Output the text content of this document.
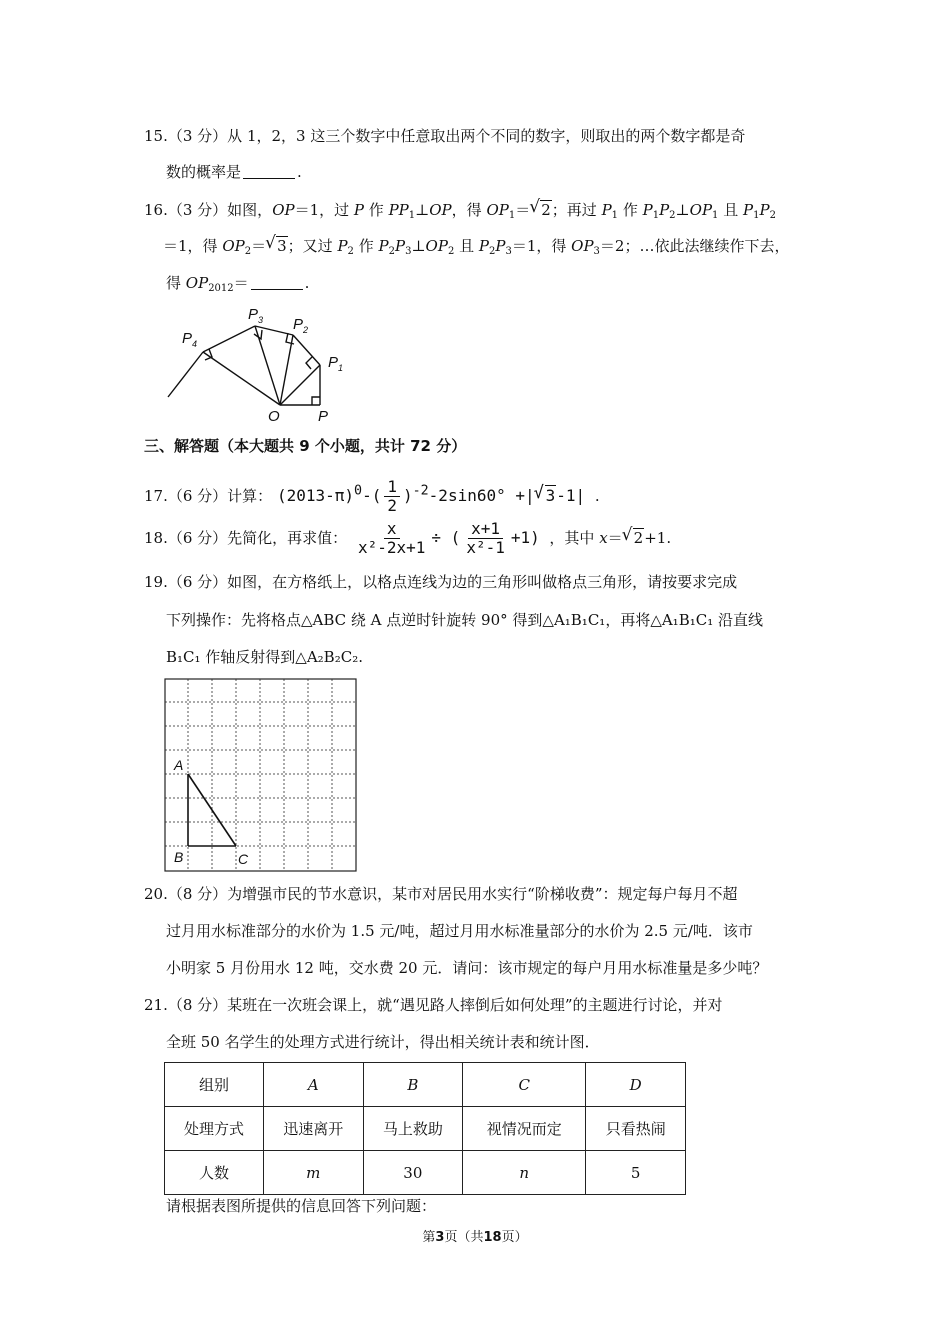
15.（3 分）从 1，2，3 这三个数字中任意取出两个不同的数字，则取出的两个数字都是奇
数的概率是	.
16.（3 分）如图，OP＝1，过 P 作 $PP_1\perp OP$，得 $OP_1=$ √ 2；再过 $P_1$ 作 $P_1P_2\perp OP_1$ 且 $P_1P_2$
＝1，得 $OP_2=$ √ 3；又过 $P_2$ 作 $P_2P_3\perp OP_2$ 且 $P_2P_3=1$，得 $OP_3=2$；…依此法继续作下去，
得 $OP_{2012}=$	.
$P_4$
$P_3$ $P_2$
$P_1$
O	P
三、解答题（本大题共 9 个小题，共计 72 分）
17.（6 分）计算： $(2013-\pi)^0-( \frac{1}{2} )^{-2}-2\sin 60^\circ$ +| √ 3-1| .
18.（6 分）先简化，再求值： $\frac{x}{\text{x²-2x+1}}$ ÷ ( $\frac{x+1}{\text{x²-1}} +1$) ，其中 x＝ √ 2+1.
19.（6 分）如图，在方格纸上，以格点连线为边的三角形叫做格点三角形，请按要求完成
下列操作：先将格点△ABC 绕 A 点逆时针旋转 90° 得到△A₁B₁C₁，再将△A₁B₁C₁ 沿直线
B₁C₁ 作轴反射得到△A₂B₂C₂.
A
B	C
20.（8 分）为增强市民的节水意识，某市对居民用水实行“阶梯收费”：规定每户每月不超
过月用水标准部分的水价为 1.5 元/吨，超过月用水标准量部分的水价为 2.5 元/吨．该市
小明家 5 月份用水 12 吨，交水费 20 元．请问：该市规定的每户月用水标准量是多少吨？
21.（8 分）某班在一次班会课上，就“遇见路人摔倒后如何处理”的主题进行讨论，并对
全班 50 名学生的处理方式进行统计，得出相关统计表和统计图．
组别	A	B	C	D
处理方式	迅速离开	马上救助	视情况而定	只看热闹
人数	m	30	n	5
请根据表图所提供的信息回答下列问题：
第3页（共18页）
